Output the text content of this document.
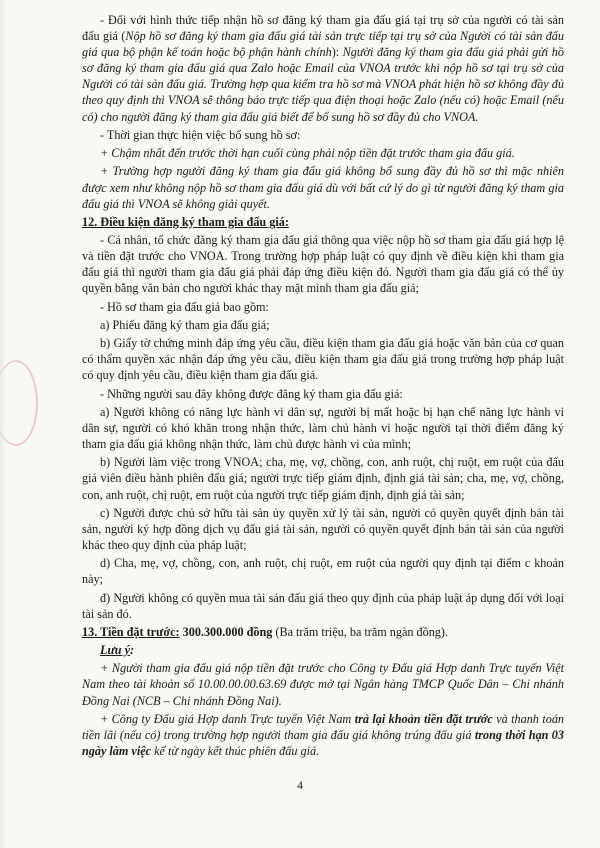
- Đối với hình thức tiếp nhận hồ sơ đăng ký tham gia đấu giá tại trụ sở của người có tài sản đấu giá (Nộp hồ sơ đăng ký tham gia đấu giá tài sản trực tiếp tại trụ sở của Người có tài sản đấu giá qua bộ phận kế toán hoặc bộ phận hành chính): Người đăng ký tham gia đấu giá phải gửi hồ sơ đăng ký tham gia đấu giá qua Zalo hoặc Email của VNOA trước khi nộp hồ sơ tại trụ sở của Người có tài sản đấu giá. Trường hợp qua kiểm tra hồ sơ mà VNOA phát hiện hồ sơ không đầy đủ theo quy định thì VNOA sẽ thông báo trực tiếp qua điện thoại hoặc Zalo (nếu có) hoặc Email (nếu có) cho người đăng ký tham gia đấu giá biết để bổ sung hồ sơ đầy đủ cho VNOA.

- Thời gian thực hiện việc bổ sung hồ sơ:

+ Chậm nhất đến trước thời hạn cuối cùng phải nộp tiền đặt trước tham gia đấu giá.

+ Trường hợp người đăng ký tham gia đấu giá không bổ sung đầy đủ hồ sơ thì mặc nhiên được xem như không nộp hồ sơ tham gia đấu giá dù với bất cứ lý do gì từ người đăng ký tham gia đấu giá thì VNOA sẽ không giải quyết.

12. Điều kiện đăng ký tham gia đấu giá:

- Cá nhân, tổ chức đăng ký tham gia đấu giá thông qua việc nộp hồ sơ tham gia đấu giá hợp lệ và tiền đặt trước cho VNOA. Trong trường hợp pháp luật có quy định về điều kiện khi tham gia đấu giá thì người tham gia đấu giá phải đáp ứng điều kiện đó. Người tham gia đấu giá có thể ủy quyền bằng văn bản cho người khác thay mặt mình tham gia đấu giá;

- Hồ sơ tham gia đấu giá bao gồm:

a) Phiếu đăng ký tham gia đấu giá;

b) Giấy tờ chứng minh đáp ứng yêu cầu, điều kiện tham gia đấu giá hoặc văn bản của cơ quan có thẩm quyền xác nhận đáp ứng yêu cầu, điều kiện tham gia đấu giá trong trường hợp pháp luật có quy định yêu cầu, điều kiện tham gia đấu giá.

- Những người sau đây không được đăng ký tham gia đấu giá:

a) Người không có năng lực hành vi dân sự, người bị mất hoặc bị hạn chế năng lực hành vi dân sự, người có khó khăn trong nhận thức, làm chủ hành vi hoặc người tại thời điểm đăng ký tham gia đấu giá không nhận thức, làm chủ được hành vi của mình;

b) Người làm việc trong VNOA; cha, mẹ, vợ, chồng, con, anh ruột, chị ruột, em ruột của đấu giá viên điều hành phiên đấu giá; người trực tiếp giám định, định giá tài sản; cha, mẹ, vợ, chồng, con, anh ruột, chị ruột, em ruột của người trực tiếp giám định, định giá tài sản;

c) Người được chủ sở hữu tài sản ủy quyền xử lý tài sản, người có quyền quyết định bán tài sản, người ký hợp đồng dịch vụ đấu giá tài sản, người có quyền quyết định bán tài sản của người khác theo quy định của pháp luật;

d) Cha, mẹ, vợ, chồng, con, anh ruột, chị ruột, em ruột của người quy định tại điểm c khoản này;

đ) Người không có quyền mua tài sản đấu giá theo quy định của pháp luật áp dụng đối với loại tài sản đó.

13. Tiền đặt trước: 300.300.000 đồng (Ba trăm triệu, ba trăm ngàn đồng).

Lưu ý:

+ Người tham gia đấu giá nộp tiền đặt trước cho Công ty Đấu giá Hợp danh Trực tuyến Việt Nam theo tài khoản số 10.00.00.00.63.69 được mở tại Ngân hàng TMCP Quốc Dân – Chi nhánh Đồng Nai (NCB – Chi nhánh Đồng Nai).

+ Công ty Đấu giá Hợp danh Trực tuyến Việt Nam trả lại khoản tiền đặt trước và thanh toán tiền lãi (nếu có) trong trường hợp người tham gia đấu giá không trúng đấu giá trong thời hạn 03 ngày làm việc kể từ ngày kết thúc phiên đấu giá.

4
